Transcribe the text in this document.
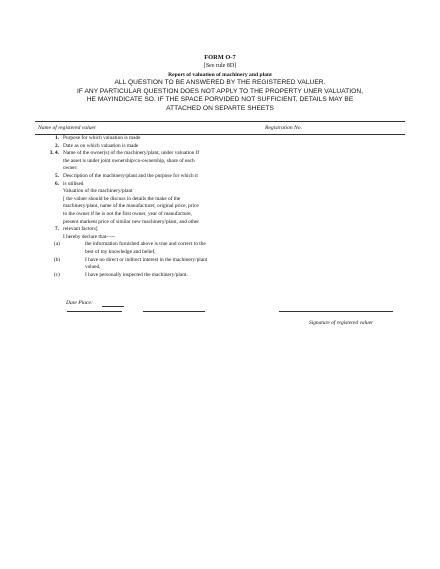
FORM O-7
[See rule 8D]
Report of valuation of machinery and plant
ALL QUESTION TO BE ANSWERED BY THE REGISTERED VALUER.
IF ANY PARTICULAR QUESTION DOES NOT APPLY TO THE PROPERTY UNER VALUATION,
HE MAYINDICATE SO. IF THE SPACE PORVIDED NOT SUFFICIENT, DETAILS MAY BE
ATTACHED ON SEPARTE SHEETS
Name of registered valuer	Registration No.
1. Purpose for which valuation is made
2. Date as on which valuation is made
3. 4. Name of the owner(s) of the machinery/plant, under valuation If
the asset is under joint ownership/co-ownership, share of each
owner:
5. Description of the machinery/plant and the purpose for which it
6. is utilised
Valuation of the machinery/plant
[ the valuer should be discuss in details the make of the
machinery/plant, name of the manufacturer, original price, price
to the owner if he is not the first owner, year of manufacture,
present markent price of similar new machinery/plant, and other
7. relevant factors]
I hereby declare that-----
(a)	the information furnished above is true and correct to the
best of my knowledge and belief,
(b)	I have no direct or indirect interest in the machinery/plant
valued,
(c)	I have personally inspected the machinery/plant.
Date Place:
Signature of registered valuer
